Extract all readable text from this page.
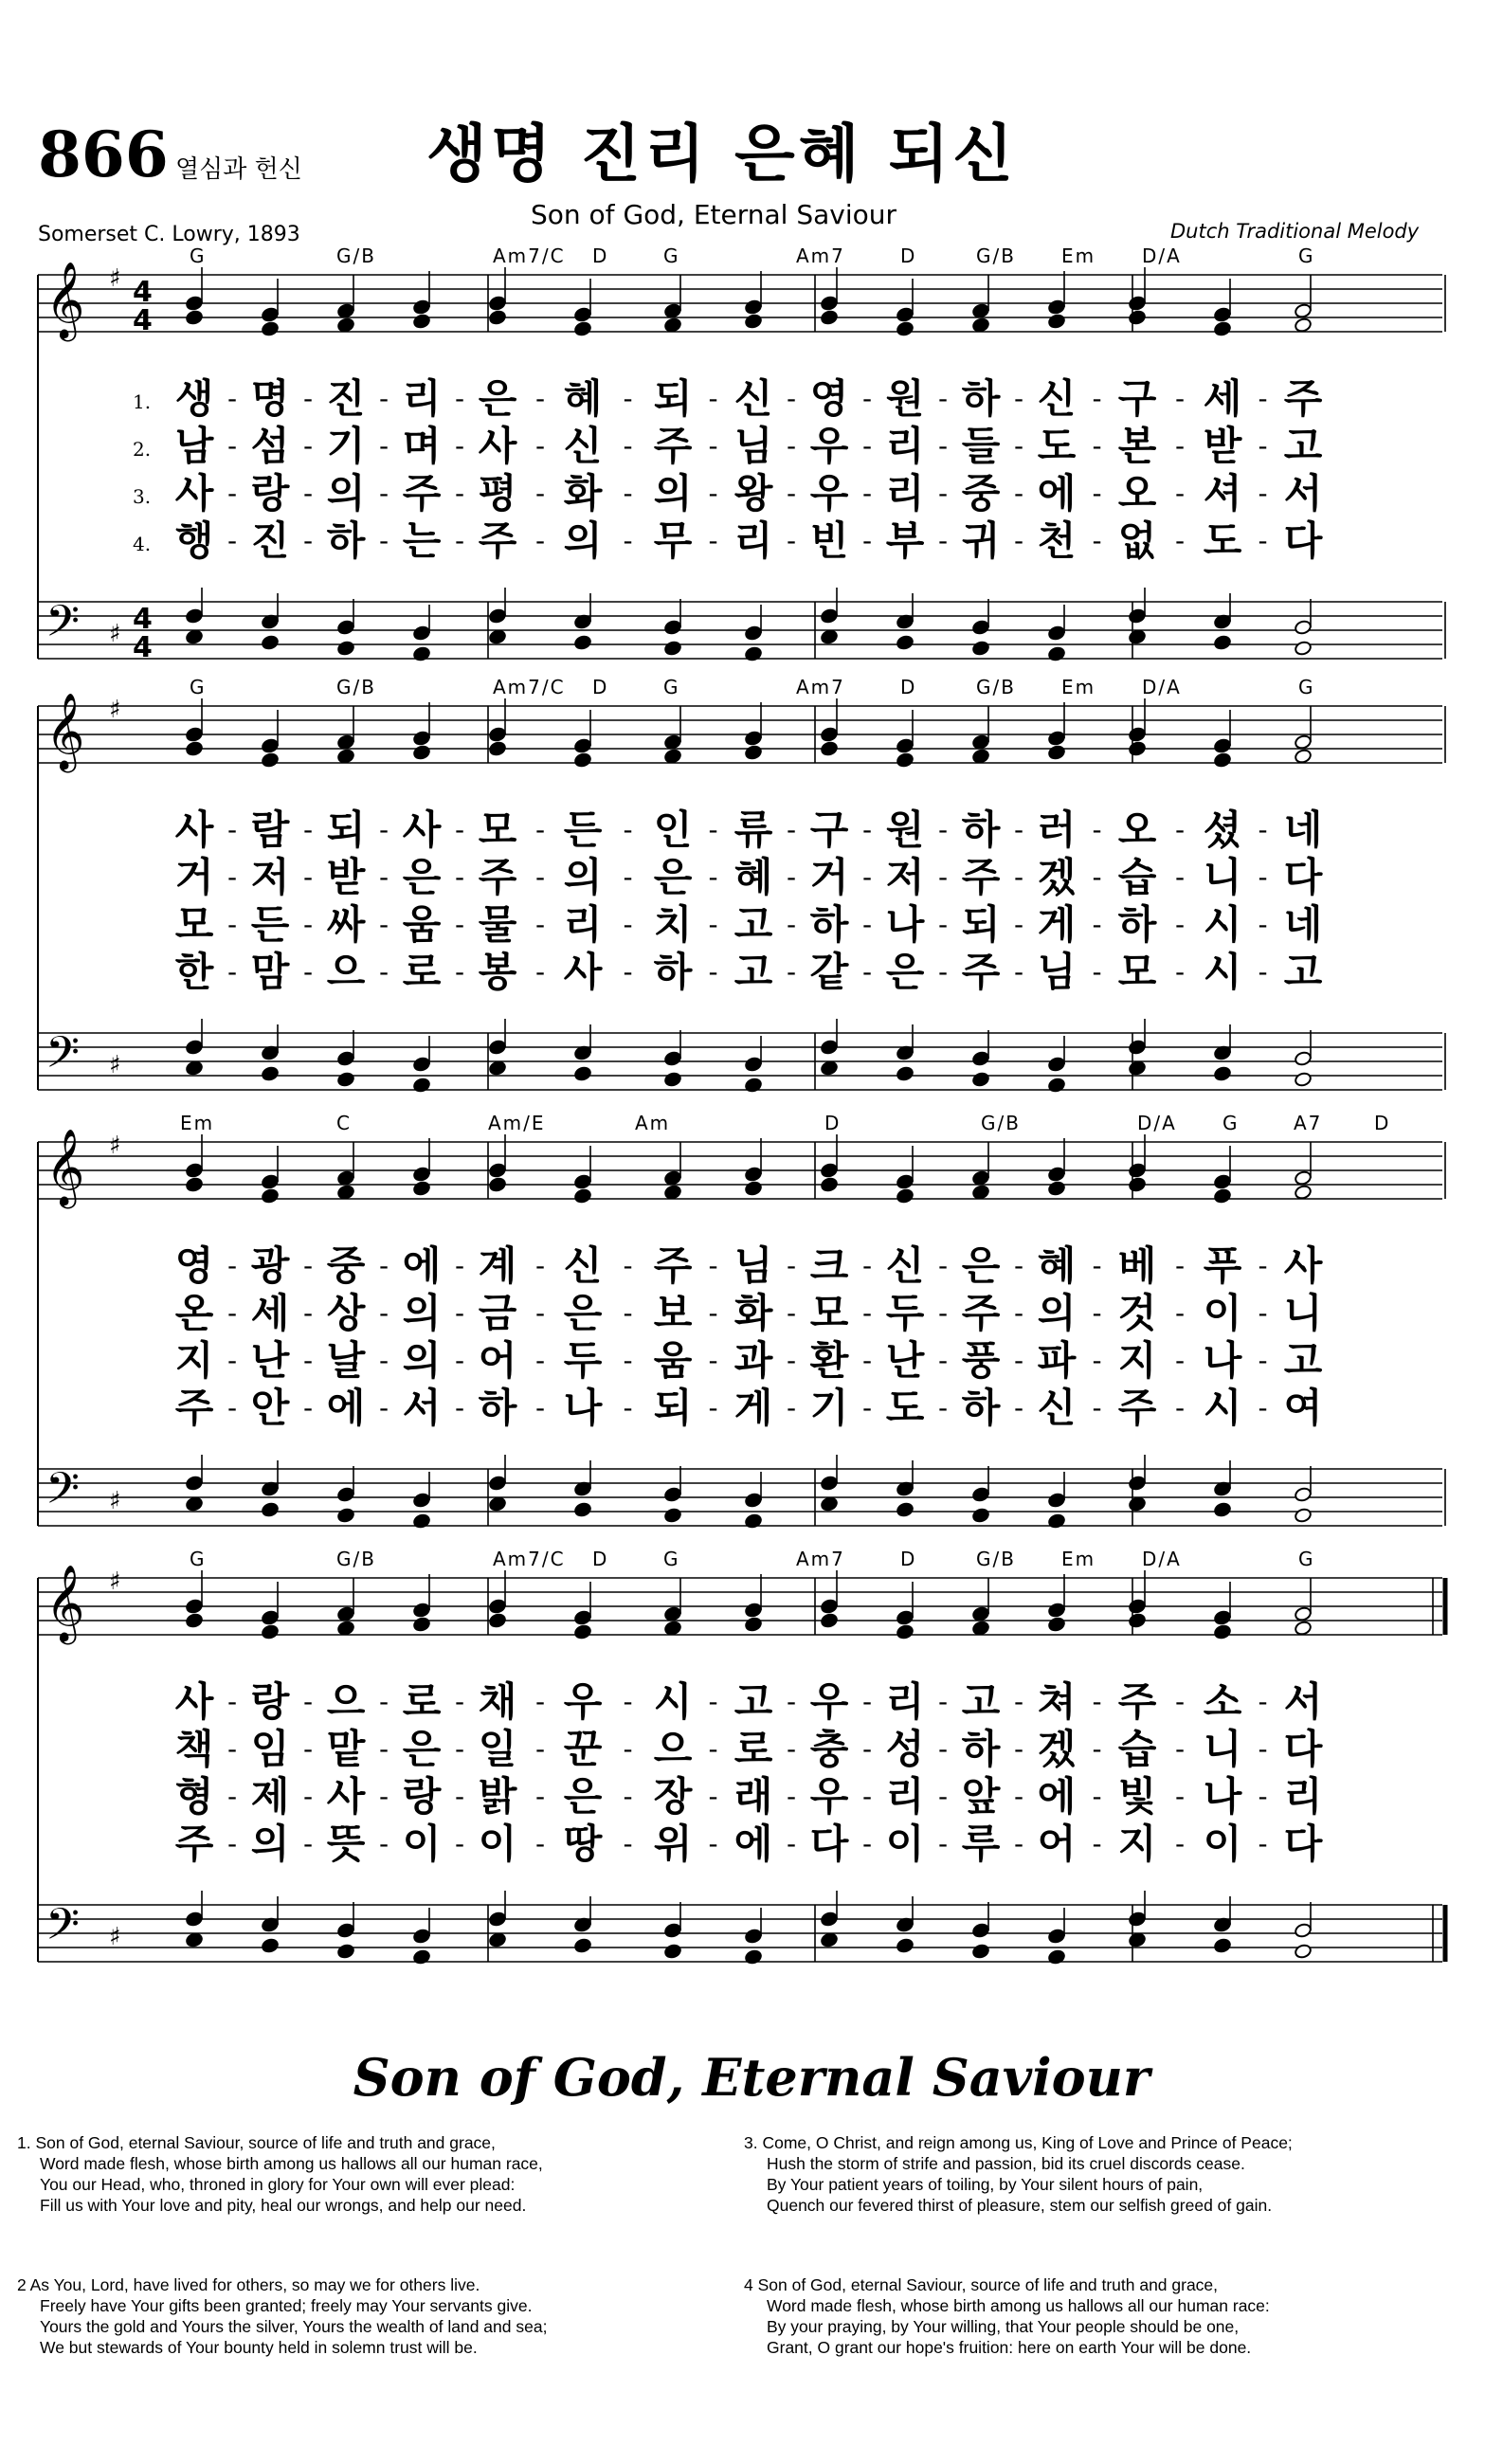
866 열심과 헌신 생명 진리 은혜 되신
Son of God, Eternal Saviour
Somerset C. Lowry, 1893	Dutch Traditional Melody
𝄞
𝄢
♯
♯
4
4
4
4
𝄞
𝄢
♯
♯
𝄞
𝄢
♯
♯
𝄞
𝄢
♯
♯
G	G/B	Am7/C D	G	Am7	D	G/B Em D/A	G
1. 생 - 명 - 진 - 리 - 은 - 혜 - 되 - 신 - 영 - 원 - 하 - 신 - 구 - 세 - 주
2. 남 - 섬 - 기 - 며 - 사 - 신 - 주 - 님 - 우 - 리 - 들 - 도 - 본 - 받 - 고
3. 사 - 랑 - 의 - 주 - 평 - 화 - 의 - 왕 - 우 - 리 - 중 - 에 - 오 - 셔 - 서
4. 행 - 진 - 하 - 는 - 주 - 의 - 무 - 리 - 빈 - 부 - 귀 - 천 - 없 - 도 - 다
G	G/B	Am7/C D	G	Am7	D	G/B Em D/A	G
사 - 람 - 되 - 사 - 모 - 든 - 인 - 류 - 구 - 원 - 하 - 러 - 오 - 셨 - 네
거 - 저 - 받 - 은 - 주 - 의 - 은 - 혜 - 거 - 저 - 주 - 겠 - 습 - 니 - 다
모 - 든 - 싸 - 움 - 물 - 리 - 치 - 고 - 하 - 나 - 되 - 게 - 하 - 시 - 네
한 - 맘 - 으 - 로 - 봉 - 사 - 하 - 고 - 같 - 은 - 주 - 님 - 모 - 시 - 고
Em	C	Am/E	Am	D	G/B	D/A G	A7	D
영 - 광 - 중 - 에 - 계 - 신 - 주 - 님 - 크 - 신 - 은 - 혜 - 베 - 푸 - 사
온 - 세 - 상 - 의 - 금 - 은 - 보 - 화 - 모 - 두 - 주 - 의 - 것 - 이 - 니
지 - 난 - 날 - 의 - 어 - 두 - 움 - 과 - 환 - 난 - 풍 - 파 - 지 - 나 - 고
주 - 안 - 에 - 서 - 하 - 나 - 되 - 게 - 기 - 도 - 하 - 신 - 주 - 시 - 여
G	G/B	Am7/C D	G	Am7	D	G/B Em D/A	G
사 - 랑 - 으 - 로 - 채 - 우 - 시 - 고 - 우 - 리 - 고 - 쳐 - 주 - 소 - 서
책 - 임 - 맡 - 은 - 일 - 꾼 - 으 - 로 - 충 - 성 - 하 - 겠 - 습 - 니 - 다
형 - 제 - 사 - 랑 - 밝 - 은 - 장 - 래 - 우 - 리 - 앞 - 에 - 빛 - 나 - 리
주 - 의 - 뜻 - 이 - 이 - 땅 - 위 - 에 - 다 - 이 - 루 - 어 - 지 - 이 - 다
Son of God, Eternal Saviour
1. Son of God, eternal Saviour, source of life and truth and grace,
Word made flesh, whose birth among us hallows all our human race,
You our Head, who, throned in glory for Your own will ever plead:
Fill us with Your love and pity, heal our wrongs, and help our need.
3. Come, O Christ, and reign among us, King of Love and Prince of Peace;
Hush the storm of strife and passion, bid its cruel discords cease.
By Your patient years of toiling, by Your silent hours of pain,
Quench our fevered thirst of pleasure, stem our selfish greed of gain.
2 As You, Lord, have lived for others, so may we for others live.
Freely have Your gifts been granted; freely may Your servants give.
Yours the gold and Yours the silver, Yours the wealth of land and sea;
We but stewards of Your bounty held in solemn trust will be.
4 Son of God, eternal Saviour, source of life and truth and grace,
Word made flesh, whose birth among us hallows all our human race:
By your praying, by Your willing, that Your people should be one,
Grant, O grant our hope's fruition: here on earth Your will be done.
